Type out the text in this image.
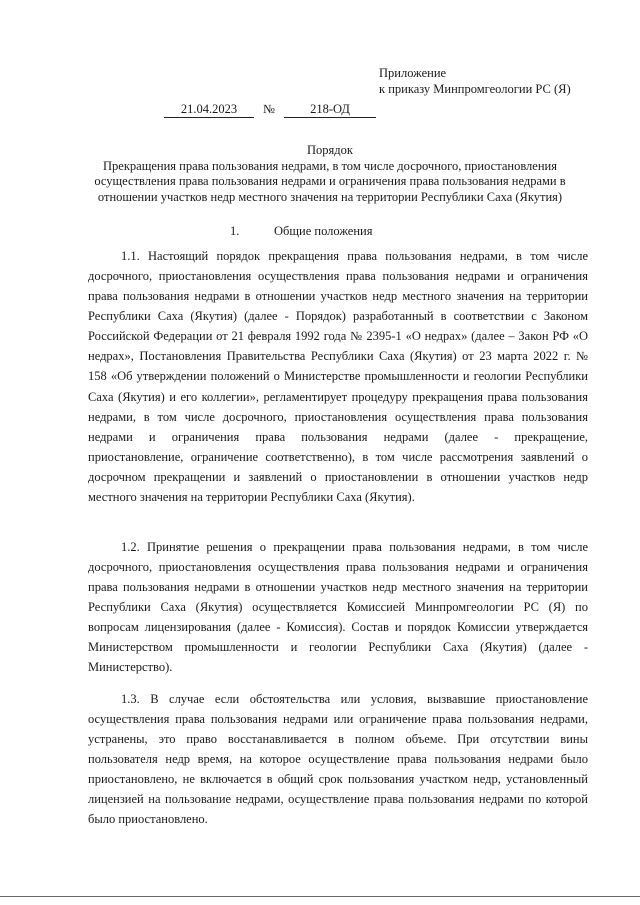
Приложение
к приказу Минпромгеологии РС (Я)
21.04.2023 №	218-ОД
Порядок
Прекращения права пользования недрами, в том числе досрочного, приостановления
осуществления права пользования недрами и ограничения права пользования недрами в
отношении участков недр местного значения на территории Республики Саха (Якутия)
1.	Общие положения
1.1. Настоящий порядок прекращения права пользования недрами, в том числе
досрочного, приостановления осуществления права пользования недрами и ограничения
права пользования недрами в отношении участков недр местного значения на территории
Республики Саха (Якутия) (далее - Порядок) разработанный в соответствии с Законом
Российской Федерации от 21 февраля 1992 года № 2395-1 «О недрах» (далее – Закон РФ «О
недрах», Постановления Правительства Республики Саха (Якутия) от 23 марта 2022 г. №
158 «Об утверждении положений о Министерстве промышленности и геологии Республики
Саха (Якутия) и его коллегии», регламентирует процедуру прекращения права пользования
недрами, в том числе досрочного, приостановления осуществления права пользования
недрами и ограничения права пользования недрами (далее - прекращение,
приостановление, ограничение соответственно), в том числе рассмотрения заявлений о
досрочном прекращении и заявлений о приостановлении в отношении участков недр
местного значения на территории Республики Саха (Якутия).
1.2. Принятие решения о прекращении права пользования недрами, в том числе
досрочного, приостановления осуществления права пользования недрами и ограничения
права пользования недрами в отношении участков недр местного значения на территории
Республики Саха (Якутия) осуществляется Комиссией Минпромгеологии РС (Я) по
вопросам лицензирования (далее - Комиссия). Состав и порядок Комиссии утверждается
Министерством промышленности и геологии Республики Саха (Якутия) (далее -
Министерство).
1.3. В случае если обстоятельства или условия, вызвавшие приостановление
осуществления права пользования недрами или ограничение права пользования недрами,
устранены, это право восстанавливается в полном объеме. При отсутствии вины
пользователя недр время, на которое осуществление права пользования недрами было
приостановлено, не включается в общий срок пользования участком недр, установленный
лицензией на пользование недрами, осуществление права пользования недрами по которой
было приостановлено.
